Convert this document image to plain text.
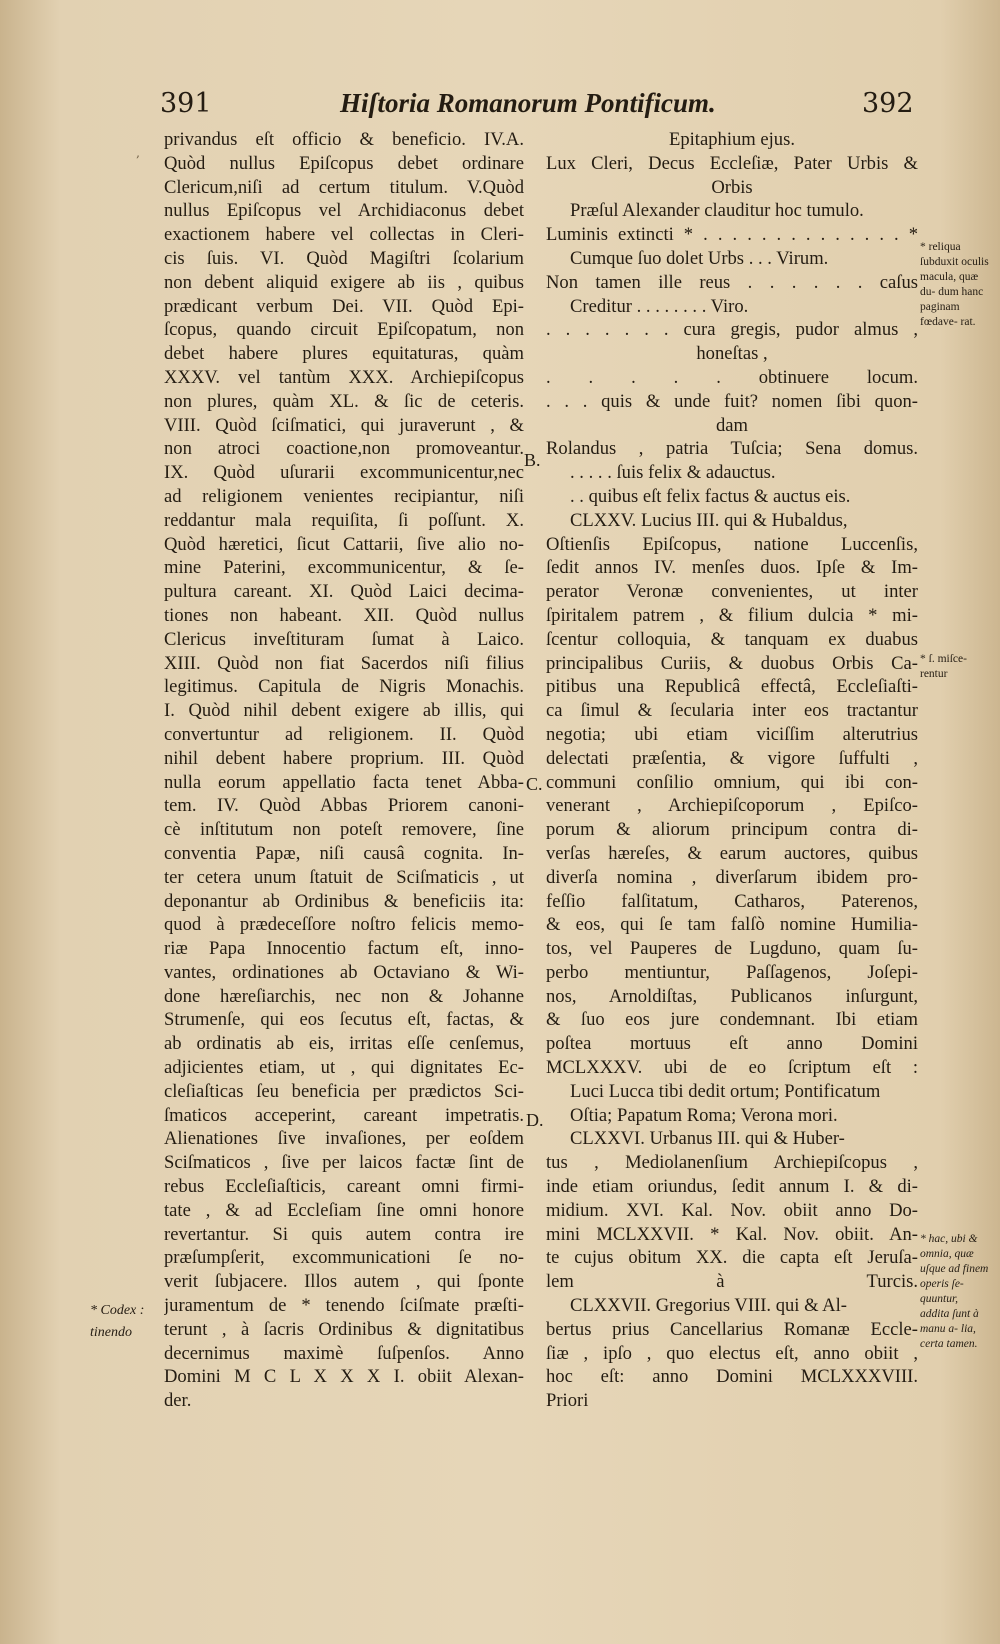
‚
391	Hiſtoria Romanorum Pontificum.	392
privandus eſt officio & beneficio. IV.A.
Quòd nullus Epiſcopus debet ordinare
Clericum,niſi ad certum titulum. V.Quòd
nullus Epiſcopus vel Archidiaconus debet
exactionem habere vel collectas in Cleri-
cis ſuis. VI. Quòd Magiſtri ſcolarium
non debent aliquid exigere ab iis , quibus
prædicant verbum Dei. VII. Quòd Epi-
ſcopus, quando circuit Epiſcopatum, non
debet habere plures equitaturas, quàm
XXXV. vel tantùm XXX. Archiepiſcopus
non plures, quàm XL. & ſic de ceteris.
VIII. Quòd ſciſmatici, qui juraverunt , &
non atroci coactione,non promoveantur.
IX. Quòd uſurarii excommunicentur,nec
ad religionem venientes recipiantur, niſi
reddantur mala requiſita, ſi poſſunt. X.
Quòd hæretici, ſicut Cattarii, ſive alio no-
mine Paterini, excommunicentur, & ſe-
pultura careant. XI. Quòd Laici decima-
tiones non habeant. XII. Quòd nullus
Clericus inveſtituram ſumat à Laico.
XIII. Quòd non fiat Sacerdos niſi filius
legitimus. Capitula de Nigris Monachis.
I. Quòd nihil debent exigere ab illis, qui
convertuntur ad religionem. II. Quòd
nihil debent habere proprium. III. Quòd
nulla eorum appellatio facta tenet Abba-
tem. IV. Quòd Abbas Priorem canoni-
cè inſtitutum non poteſt removere, ſine
conventia Papæ, niſi causâ cognita. In-
ter cetera unum ſtatuit de Sciſmaticis , ut
deponantur ab Ordinibus & beneficiis ita:
quod à prædeceſſore noſtro felicis memo-
riæ Papa Innocentio factum eſt, inno-
vantes, ordinationes ab Octaviano & Wi-
done hæreſiarchis, nec non & Johanne
Strumenſe, qui eos ſecutus eſt, factas, &
ab ordinatis ab eis, irritas eſſe cenſemus,
adjicientes etiam, ut , qui dignitates Ec-
cleſiaſticas ſeu beneficia per prædictos Sci-
ſmaticos acceperint, careant impetratis.
Alienationes ſive invaſiones, per eoſdem
Sciſmaticos , ſive per laicos factæ ſint de
rebus Eccleſiaſticis, careant omni firmi-
tate , & ad Eccleſiam ſine omni honore
revertantur. Si quis autem contra ire
præſumpſerit, excommunicationi ſe no-
verit ſubjacere. Illos autem , qui ſponte
juramentum de * tenendo ſciſmate præſti-
terunt , à ſacris Ordinibus & dignitatibus
decernimus maximè ſuſpenſos. Anno
Domini M C L X X X I. obiit Alexan-
der.
Epitaphium ejus.
Lux Cleri, Decus Eccleſiæ, Pater Urbis &
Orbis
Præſul Alexander clauditur hoc tumulo.
Luminis extincti * . . . . . . . . . . . . . . *
Cumque ſuo dolet Urbs . . . Virum.
Non tamen ille reus . . . . . . caſus
Creditur . . . . . . . . Viro.
. . . . . . . cura gregis, pudor almus ,
honeſtas ,
. . . . . obtinuere locum.
. . . quis & unde fuit? nomen ſibi quon-
dam
Rolandus , patria Tuſcia; Sena domus.
. . . . . ſuis felix & adauctus.
. . quibus eſt felix factus & auctus eis.
CLXXV. Lucius III. qui & Hubaldus,
Oſtienſis Epiſcopus, natione Luccenſis,
ſedit annos IV. menſes duos. Ipſe & Im-
perator Veronæ convenientes, ut inter
ſpiritalem patrem , & filium dulcia * mi-
ſcentur colloquia, & tanquam ex duabus
principalibus Curiis, & duobus Orbis Ca-
pitibus una Republicâ effectâ, Eccleſiaſti-
ca ſimul & ſecularia inter eos tractantur
negotia; ubi etiam viciſſim alterutrius
delectati præſentia, & vigore ſuffulti ,
communi conſilio omnium, qui ibi con-
venerant , Archiepiſcoporum , Epiſco-
porum & aliorum principum contra di-
verſas hæreſes, & earum auctores, quibus
diverſa nomina , diverſarum ibidem pro-
feſſio falſitatum, Catharos, Paterenos,
& eos, qui ſe tam falſò nomine Humilia-
tos, vel Pauperes de Lugduno, quam ſu-
perbo mentiuntur, Paſſagenos, Joſepi-
nos, Arnoldiſtas, Publicanos inſurgunt,
& ſuo eos jure condemnant. Ibi etiam
poſtea mortuus eſt anno Domini
MCLXXXV. ubi de eo ſcriptum eſt :
Luci Lucca tibi dedit ortum; Pontificatum
Oſtia; Papatum Roma; Verona mori.
CLXXVI. Urbanus III. qui & Huber-
tus , Mediolanenſium Archiepiſcopus ,
inde etiam oriundus, ſedit annum I. & di-
midium. XVI. Kal. Nov. obiit anno Do-
mini MCLXXVII. * Kal. Nov. obiit. An-
te cujus obitum XX. die capta eſt Jeruſa-
lem à Turcis.
CLXXVII. Gregorius VIII. qui & Al-
bertus prius Cancellarius Romanæ Eccle-
ſiæ , ipſo , quo electus eſt, anno obiit ,
hoc eſt: anno Domini MCLXXXVIII.
Priori
B.
C.
D.
* reliqua ſubduxit oculis macula, quæ du- dum hanc paginam fœdave- rat.
* ſ. miſce- rentur
* hac, ubi & omnia, quæ uſque ad finem operis ſe- quuntur, addita ſunt à manu a- lia, certa tamen.
* Codex : tinendo
